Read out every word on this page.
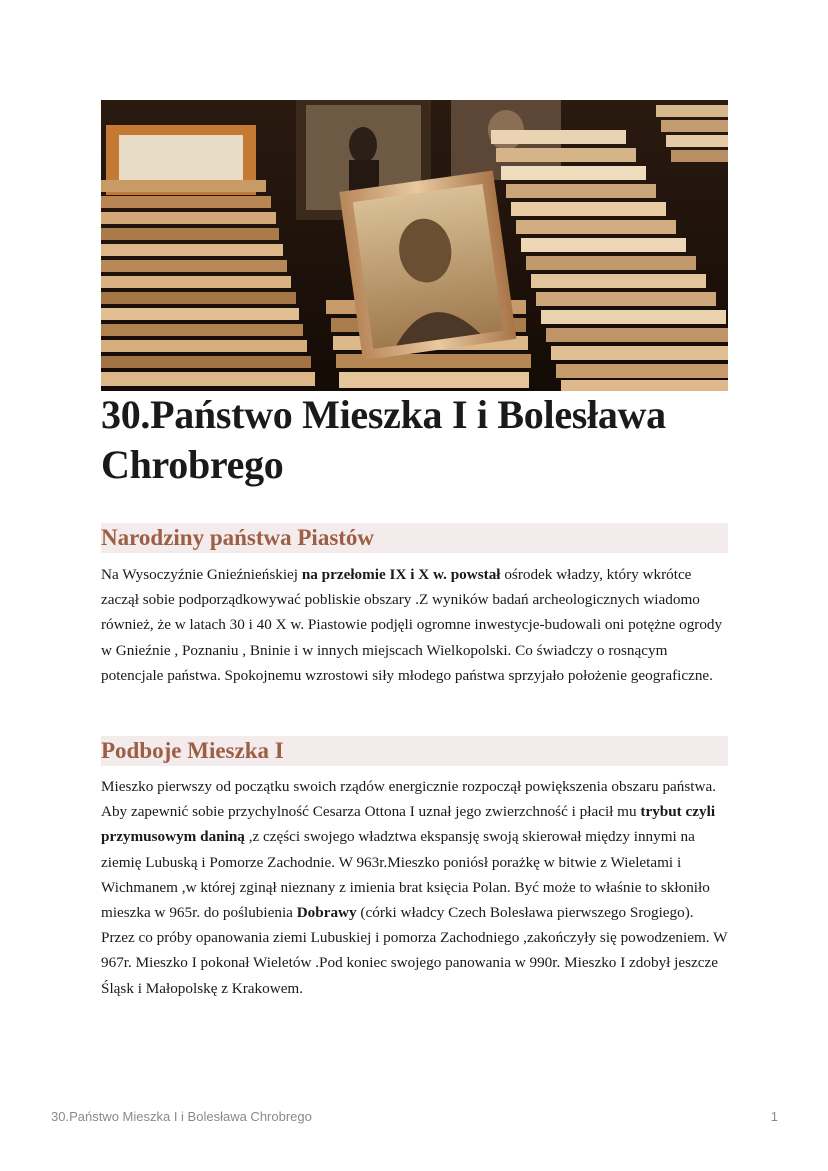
30.Państwo Mieszka I i Bolesława Chrobrego
Narodziny państwa Piastów

Na Wysoczyźnie Gnieźnieńskiej na przełomie IX i X w. powstał ośrodek władzy, który wkrótce zaczął sobie podporządkowywać pobliskie obszary .Z wyników badań archeologicznych wiadomo również, że w latach 30 i 40 X w. Piastowie podjęli ogromne inwestycje-budowali oni potężne ogrody w Gnieźnie , Poznaniu , Bninie i w innych miejscach Wielkopolski. Co świadczy o rosnącym potencjale państwa. Spokojnemu wzrostowi siły młodego państwa sprzyjało położenie geograficzne.

Podboje Mieszka I

Mieszko pierwszy od początku swoich rządów energicznie rozpoczął powiększenia obszaru państwa. Aby zapewnić sobie przychylność Cesarza Ottona I uznał jego zwierzchność i płacił mu trybut czyli przymusowym daniną ,z części swojego władztwa ekspansję swoją skierował między innymi na ziemię Lubuską i Pomorze Zachodnie. W 963r.Mieszko poniósł porażkę w bitwie z Wieletami i Wichmanem ,w której zginął nieznany z imienia brat księcia Polan. Być może to właśnie to skłoniło mieszka w 965r. do poślubienia Dobrawy (córki władcy Czech Bolesława pierwszego Srogiego). Przez co próby opanowania ziemi Lubuskiej i pomorza Zachodniego ,zakończyły się powodzeniem. W 967r. Mieszko I pokonał Wieletów .Pod koniec swojego panowania w 990r. Mieszko I zdobył jeszcze Śląsk i Małopolskę z Krakowem.

30.Państwo Mieszka I i Bolesława Chrobrego	1
